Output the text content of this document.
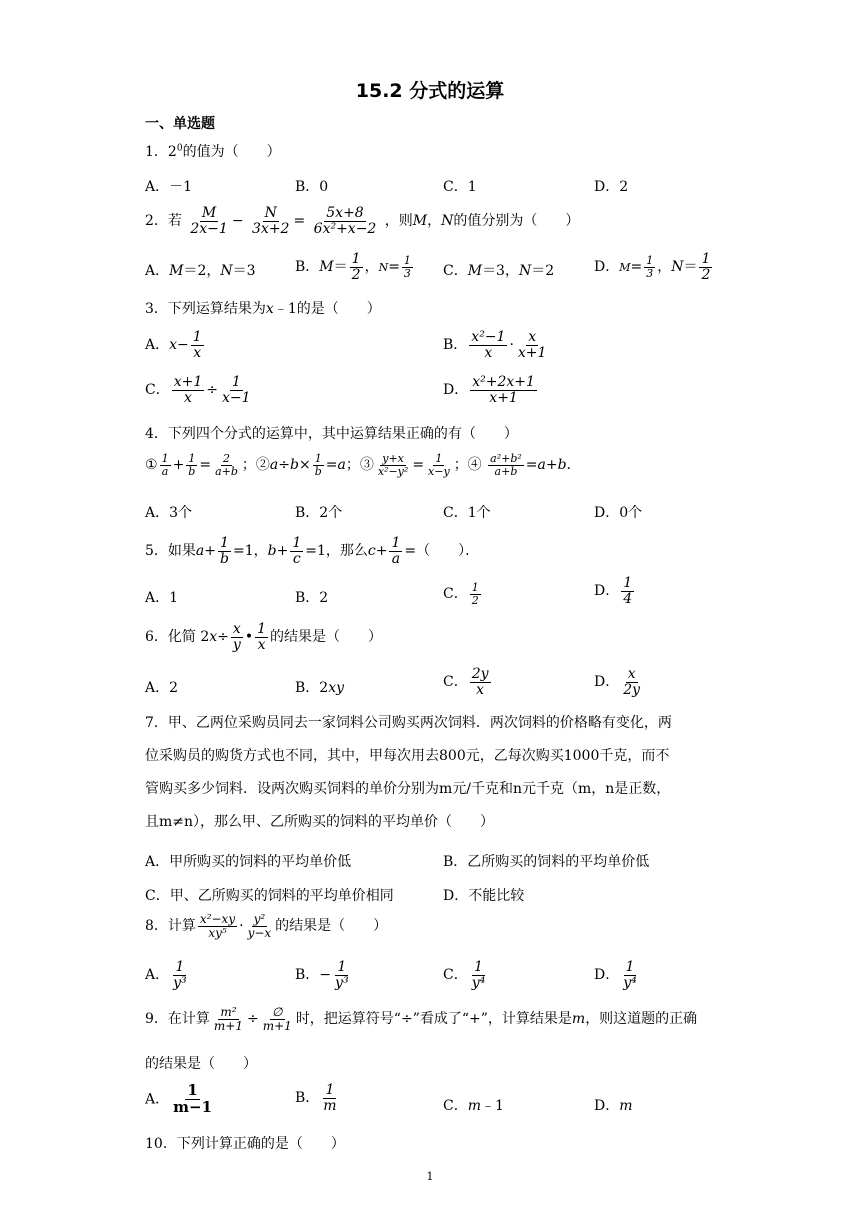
15.2 分式的运算
一、单选题
1．$2^0$的值为（　　）
A．－1	B．0	C．1	D．2
2．若 $\frac{M}{2x-1} - \frac{N}{3x+2} = \frac{5x+8}{\text{6x²+x−2}}$ ，则M，N的值分别为（　　）
A．M＝2，N＝3	B．$M= \frac{1}{2}$ ，$N= \frac{1}{3}$ C．M＝3，N＝2	D．$M= \frac{1}{3}$ ，$N= \frac{1}{2}$
3．下列运算结果为x﹣1的是（　　）
A．$x- \frac{1}{x}$	B． $\frac{\text{x²−1}}{x} \cdot \frac{x}{x+1}$
C． $\frac{x+1}{x} \div \frac{1}{x-1}$	D． $\frac{\text{x²+2x+1}}{x+1}$
4．下列四个分式的运算中，其中运算结果正确的有（　　）
① $\frac{1}{a} + \frac{1}{b} = \frac{2}{a+b}$ ；②a÷b× $\frac{1}{b} =a$；③ $\frac{y+x}{\text{x²−y²}} = \frac{1}{x-y}$ ；④ $\frac{\text{a²+b²}}{a+b} =a+b$．
A．3个	B．2个	C．1个	D．0个
5．如果$a+ \frac{1}{b} =1$，$b+ \frac{1}{c} =1$，那么$c+ \frac{1}{a}$ =（　　）．
A．1	B．2	C． $\frac{1}{2}$	D． $\frac{1}{4}$
6．化简 $2x\div \frac{x}{y}$ • $\frac{1}{x}$ 的结果是（　　）
A．2	B．2xy	C． $\frac{2y}{x}$	D． $\frac{x}{2y}$
7．甲、乙两位采购员同去一家饲料公司购买两次饲料．两次饲料的价格略有变化，两
位采购员的购货方式也不同，其中，甲每次用去800元，乙每次购买1000千克，而不
管购买多少饲料．设两次购买饲料的单价分别为m元/千克和n元千克（m，n是正数，
且m≠n），那么甲、乙所购买的饲料的平均单价（　　）
A．甲所购买的饲料的平均单价低	B．乙所购买的饲料的平均单价低
C．甲、乙所购买的饲料的平均单价相同	D．不能比较
8．计算 $\frac{\text{x²−xy}}{\text{xy⁵}} \cdot \frac{\text{y²}}{y-x}$ 的结果是（　　）
A． $\frac{1}{\text{y³}}$	B．− $\frac{1}{\text{y³}}$	C． $\frac{1}{\text{y⁴}}$	D． $\frac{1}{\text{y⁴}}$
9．在计算 $\frac{\text{m²}}{m+1} \div \frac{\emptyset}{m+1}$ 时，把运算符号“÷”看成了“+”，计算结果是m，则这道题的正确
的结果是（　　）
A． $\frac{1}{m-1}$	B． $\frac{1}{m}$	C．m﹣1	D．m
10．下列计算正确的是（　　）
1
